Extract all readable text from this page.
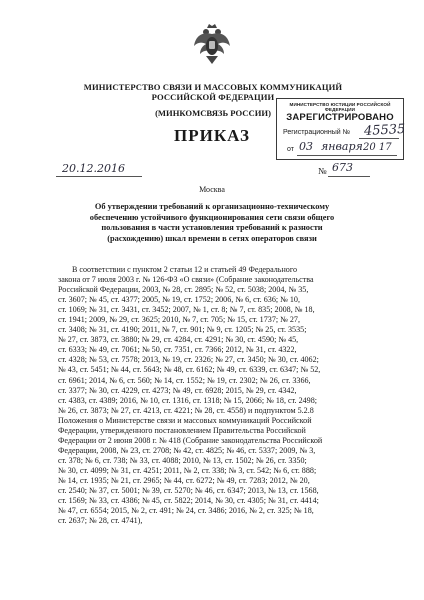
МИНИСТЕРСТВО СВЯЗИ И МАССОВЫХ КОММУНИКАЦИЙ
РОССИЙСКОЙ ФЕДЕРАЦИИ
(МИНКОМСВЯЗЬ РОССИИ)
ПРИКАЗ
МИНИСТЕРСТВО ЮСТИЦИИ РОССИЙСКОЙ ФЕДЕРАЦИИ
ЗАРЕГИСТРИРОВАНО
Регистрационный № 45535
от 03 января 20 17
20.12.2016	№ 673
Москва
Об утверждении требований к организационно-техническому
обеспечению устойчивого функционирования сети связи общего
пользования в части установления требований к разности
(расхождению) шкал времени в сетях операторов связи
В соответствии с пунктом 2 статьи 12 и статьей 49 Федерального
закона от 7 июля 2003 г. № 126-ФЗ «О связи» (Собрание законодательства
Российской Федерации, 2003, № 28, ст. 2895; № 52, ст. 5038; 2004, № 35,
ст. 3607; № 45, ст. 4377; 2005, № 19, ст. 1752; 2006, № 6, ст. 636; № 10,
ст. 1069; № 31, ст. 3431, ст. 3452; 2007, № 1, ст. 8; № 7, ст. 835; 2008, № 18,
ст. 1941; 2009, № 29, ст. 3625; 2010, № 7, ст. 705; № 15, ст. 1737; № 27,
ст. 3408; № 31, ст. 4190; 2011, № 7, ст. 901; № 9, ст. 1205; № 25, ст. 3535;
№ 27, ст. 3873, ст. 3880; № 29, ст. 4284, ст. 4291; № 30, ст. 4590; № 45,
ст. 6333; № 49, ст. 7061; № 50, ст. 7351, ст. 7366; 2012, № 31, ст. 4322,
ст. 4328; № 53, ст. 7578; 2013, № 19, ст. 2326; № 27, ст. 3450; № 30, ст. 4062;
№ 43, ст. 5451; № 44, ст. 5643; № 48, ст. 6162; № 49, ст. 6339, ст. 6347; № 52,
ст. 6961; 2014, № 6, ст. 560; № 14, ст. 1552; № 19, ст. 2302; № 26, ст. 3366,
ст. 3377; № 30, ст. 4229, ст. 4273; № 49, ст. 6928; 2015, № 29, ст. 4342,
ст. 4383, ст. 4389; 2016, № 10, ст. 1316, ст. 1318; № 15, 2066; № 18, ст. 2498;
№ 26, ст. 3873; № 27, ст. 4213, ст. 4221; № 28, ст. 4558) и подпунктом 5.2.8
Положения о Министерстве связи и массовых коммуникаций Российской
Федерации, утвержденного постановлением Правительства Российской
Федерации от 2 июня 2008 г. № 418 (Собрание законодательства Российской
Федерации, 2008, № 23, ст. 2708; № 42, ст. 4825; № 46, ст. 5337; 2009, № 3,
ст. 378; № 6, ст. 738; № 33, ст. 4088; 2010, № 13, ст. 1502; № 26, ст. 3350;
№ 30, ст. 4099; № 31, ст. 4251; 2011, № 2, ст. 338; № 3, ст. 542; № 6, ст. 888;
№ 14, ст. 1935; № 21, ст. 2965; № 44, ст. 6272; № 49, ст. 7283; 2012, № 20,
ст. 2540; № 37, ст. 5001; № 39, ст. 5270; № 46, ст. 6347; 2013, № 13, ст. 1568,
ст. 1569; № 33, ст. 4386; № 45, ст. 5822; 2014, № 30, ст. 4305; № 31, ст. 4414;
№ 47, ст. 6554; 2015, № 2, ст. 491; № 24, ст. 3486; 2016, № 2, ст. 325; № 18,
ст. 2637; № 28, ст. 4741),
